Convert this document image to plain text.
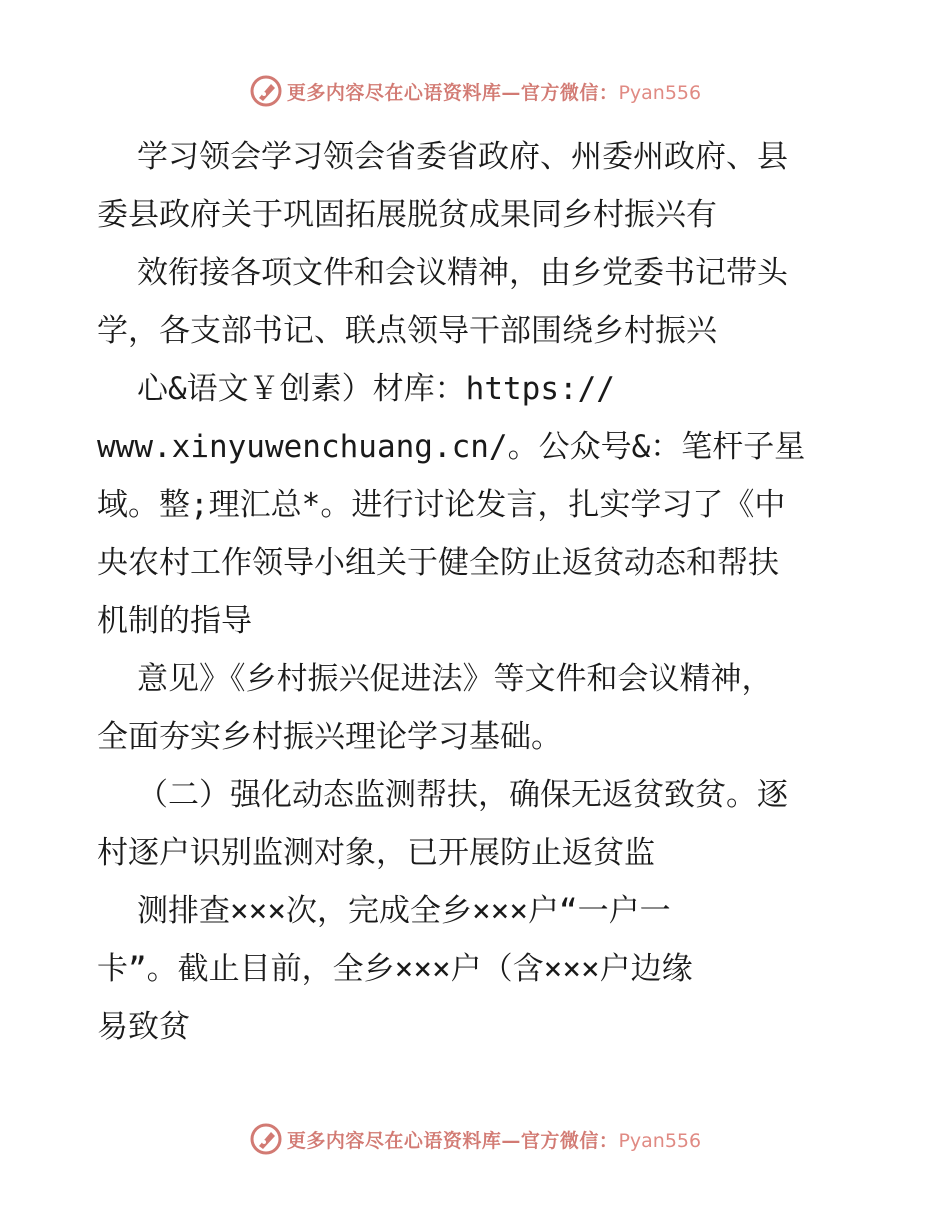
更多内容尽在心语资料库—官方微信：Pyan556
学习领会学习领会省委省政府、州委州政府、县
委县政府关于巩固拓展脱贫成果同乡村振兴有
效衔接各项文件和会议精神，由乡党委书记带头
学，各支部书记、联点领导干部围绕乡村振兴
心&语文￥创素）材库：https://
www.xinyuwenchuang.cn/。公众号&：笔杆子星
域。整;理汇总*。进行讨论发言，扎实学习了《中
央农村工作领导小组关于健全防止返贫动态和帮扶
机制的指导
意见》《乡村振兴促进法》等文件和会议精神，
全面夯实乡村振兴理论学习基础。
（二）强化动态监测帮扶，确保无返贫致贫。逐
村逐户识别监测对象，已开展防止返贫监
测排查×××次，完成全乡×××户“一户一
卡”。截止目前，全乡×××户（含×××户边缘
易致贫
更多内容尽在心语资料库—官方微信：Pyan556
